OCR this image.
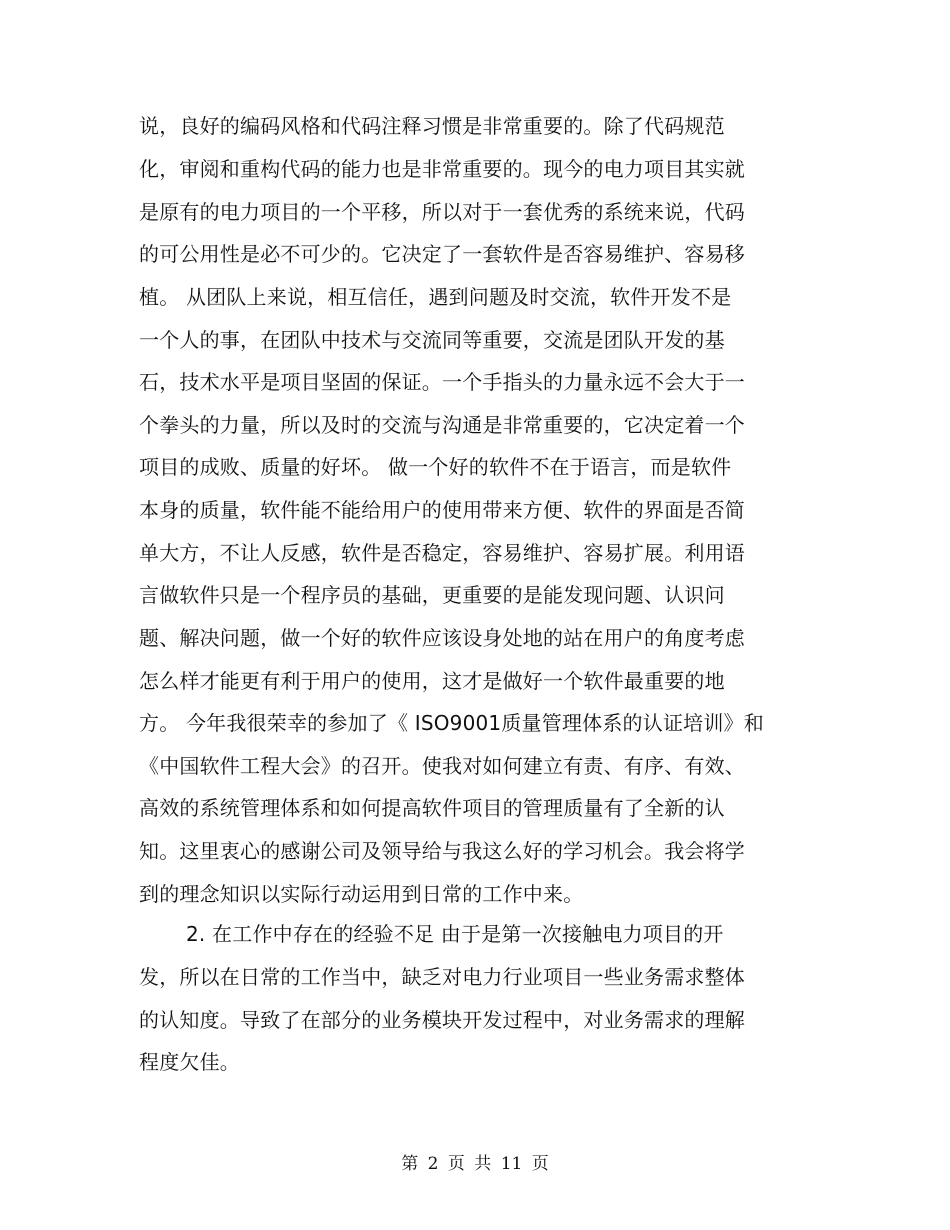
说，良好的编码风格和代码注释习惯是非常重要的。除了代码规范
化，审阅和重构代码的能力也是非常重要的。现今的电力项目其实就
是原有的电力项目的一个平移，所以对于一套优秀的系统来说，代码
的可公用性是必不可少的。它决定了一套软件是否容易维护、容易移
植。 从团队上来说，相互信任，遇到问题及时交流，软件开发不是
一个人的事，在团队中技术与交流同等重要，交流是团队开发的基
石，技术水平是项目坚固的保证。一个手指头的力量永远不会大于一
个拳头的力量，所以及时的交流与沟通是非常重要的，它决定着一个
项目的成败、质量的好坏。 做一个好的软件不在于语言，而是软件
本身的质量，软件能不能给用户的使用带来方便、软件的界面是否简
单大方，不让人反感，软件是否稳定，容易维护、容易扩展。利用语
言做软件只是一个程序员的基础，更重要的是能发现问题、认识问
题、解决问题，做一个好的软件应该设身处地的站在用户的角度考虑
怎么样才能更有利于用户的使用，这才是做好一个软件最重要的地
方。 今年我很荣幸的参加了《 ISO9001质量管理体系的认证培训》和
《中国软件工程大会》的召开。使我对如何建立有责、有序、有效、
高效的系统管理体系和如何提高软件项目的管理质量有了全新的认
知。这里衷心的感谢公司及领导给与我这么好的学习机会。我会将学
到的理念知识以实际行动运用到日常的工作中来。
2. 在工作中存在的经验不足 由于是第一次接触电力项目的开
发，所以在日常的工作当中，缺乏对电力行业项目一些业务需求整体
的认知度。导致了在部分的业务模块开发过程中，对业务需求的理解
程度欠佳。
第 2 页 共 11 页
